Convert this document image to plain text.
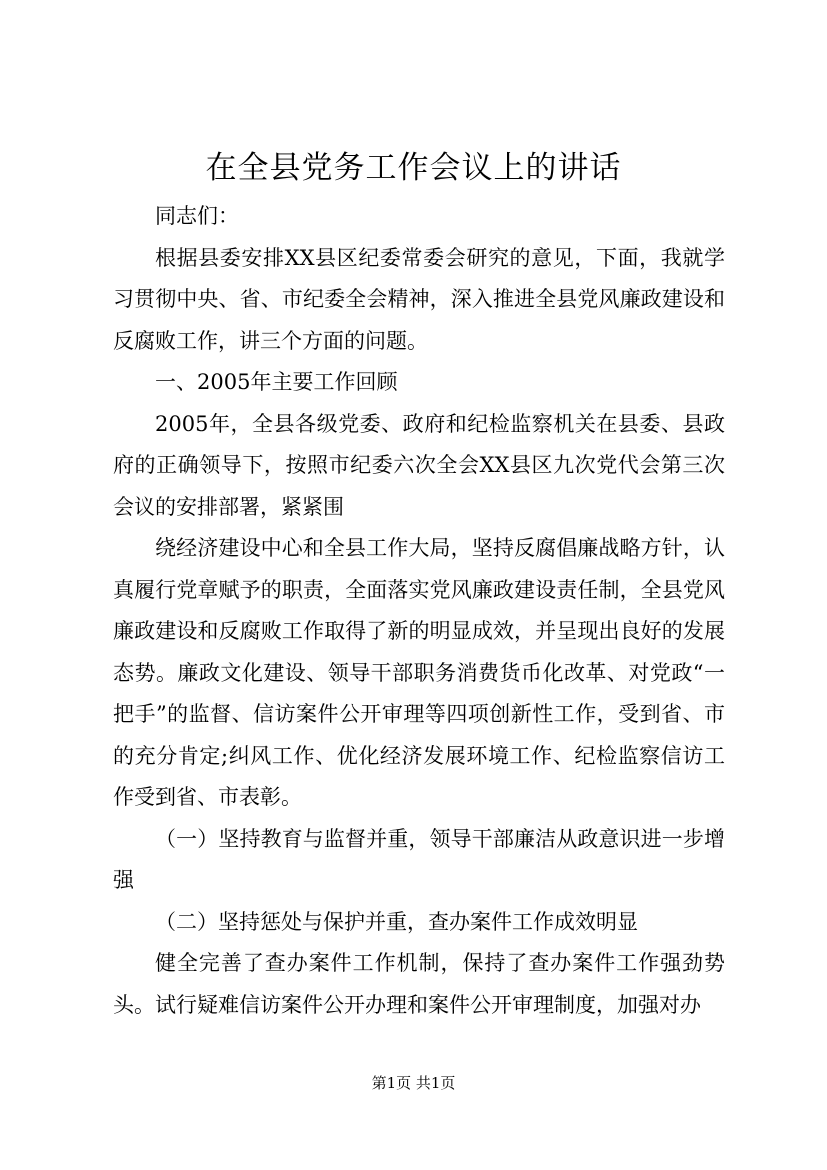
在全县党务工作会议上的讲话

同志们：

根据县委安排XX县区纪委常委会研究的意见，下面，我就学习贯彻中央、省、市纪委全会精神，深入推进全县党风廉政建设和反腐败工作，讲三个方面的问题。

一、2005年主要工作回顾

2005年，全县各级党委、政府和纪检监察机关在县委、县政府的正确领导下，按照市纪委六次全会XX县区九次党代会第三次会议的安排部署，紧紧围

绕经济建设中心和全县工作大局，坚持反腐倡廉战略方针，认真履行党章赋予的职责，全面落实党风廉政建设责任制，全县党风廉政建设和反腐败工作取得了新的明显成效，并呈现出良好的发展态势。廉政文化建设、领导干部职务消费货币化改革、对党政“一把手”的监督、信访案件公开审理等四项创新性工作，受到省、市的充分肯定;纠风工作、优化经济发展环境工作、纪检监察信访工作受到省、市表彰。

（一）坚持教育与监督并重，领导干部廉洁从政意识进一步增强

（二）坚持惩处与保护并重，查办案件工作成效明显

健全完善了查办案件工作机制，保持了查办案件工作强劲势头。试行疑难信访案件公开办理和案件公开审理制度，加强对办

第1页 共1页
